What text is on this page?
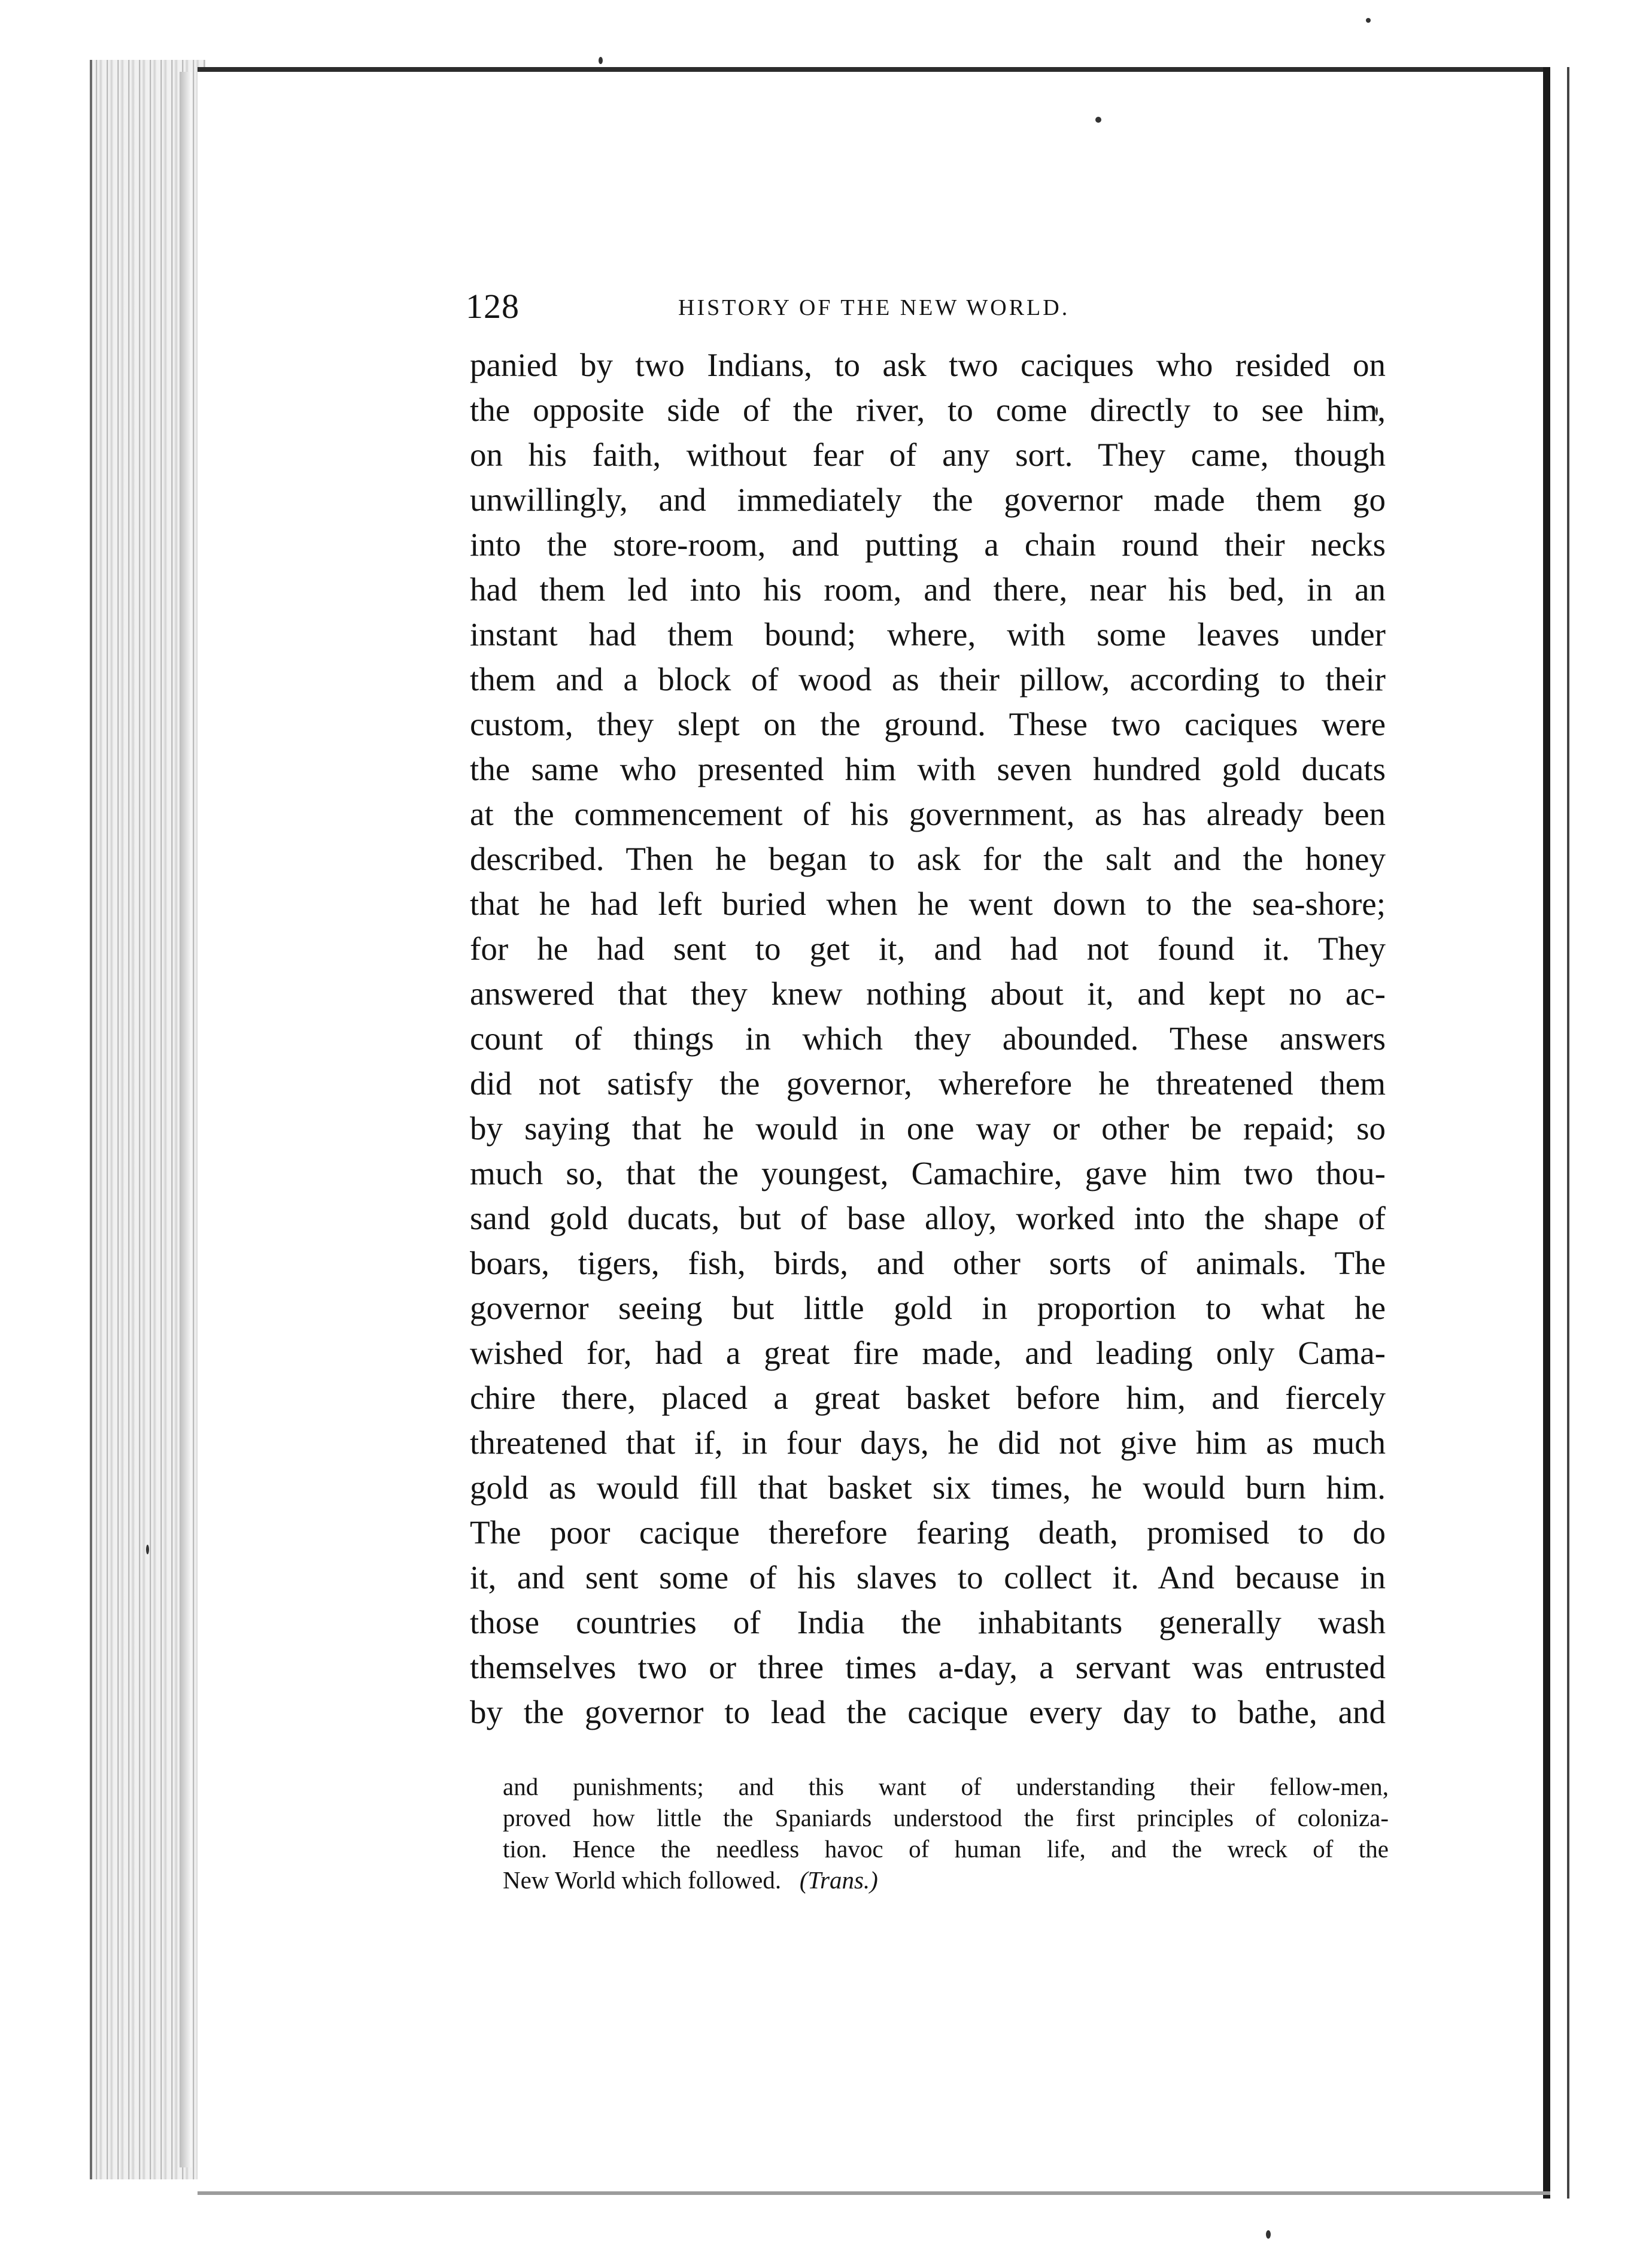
128	HISTORY OF THE NEW WORLD.
panied by two Indians, to ask two caciques who resided on
the opposite side of the river, to come directly to see him,
on his faith, without fear of any sort. They came, though
unwillingly, and immediately the governor made them go
into the store-room, and putting a chain round their necks
had them led into his room, and there, near his bed, in an
instant had them bound; where, with some leaves under
them and a block of wood as their pillow, according to their
custom, they slept on the ground. These two caciques were
the same who presented him with seven hundred gold ducats
at the commencement of his government, as has already been
described. Then he began to ask for the salt and the honey
that he had left buried when he went down to the sea-shore;
for he had sent to get it, and had not found it. They
answered that they knew nothing about it, and kept no ac-
count of things in which they abounded. These answers
did not satisfy the governor, wherefore he threatened them
by saying that he would in one way or other be repaid; so
much so, that the youngest, Camachire, gave him two thou-
sand gold ducats, but of base alloy, worked into the shape of
boars, tigers, fish, birds, and other sorts of animals. The
governor seeing but little gold in proportion to what he
wished for, had a great fire made, and leading only Cama-
chire there, placed a great basket before him, and fiercely
threatened that if, in four days, he did not give him as much
gold as would fill that basket six times, he would burn him.
The poor cacique therefore fearing death, promised to do
it, and sent some of his slaves to collect it. And because in
those countries of India the inhabitants generally wash
themselves two or three times a-day, a servant was entrusted
by the governor to lead the cacique every day to bathe, and
and punishments; and this want of understanding their fellow-men,
proved how little the Spaniards understood the first principles of coloniza-
tion. Hence the needless havoc of human life, and the wreck of the
New World which followed. (Trans.)
